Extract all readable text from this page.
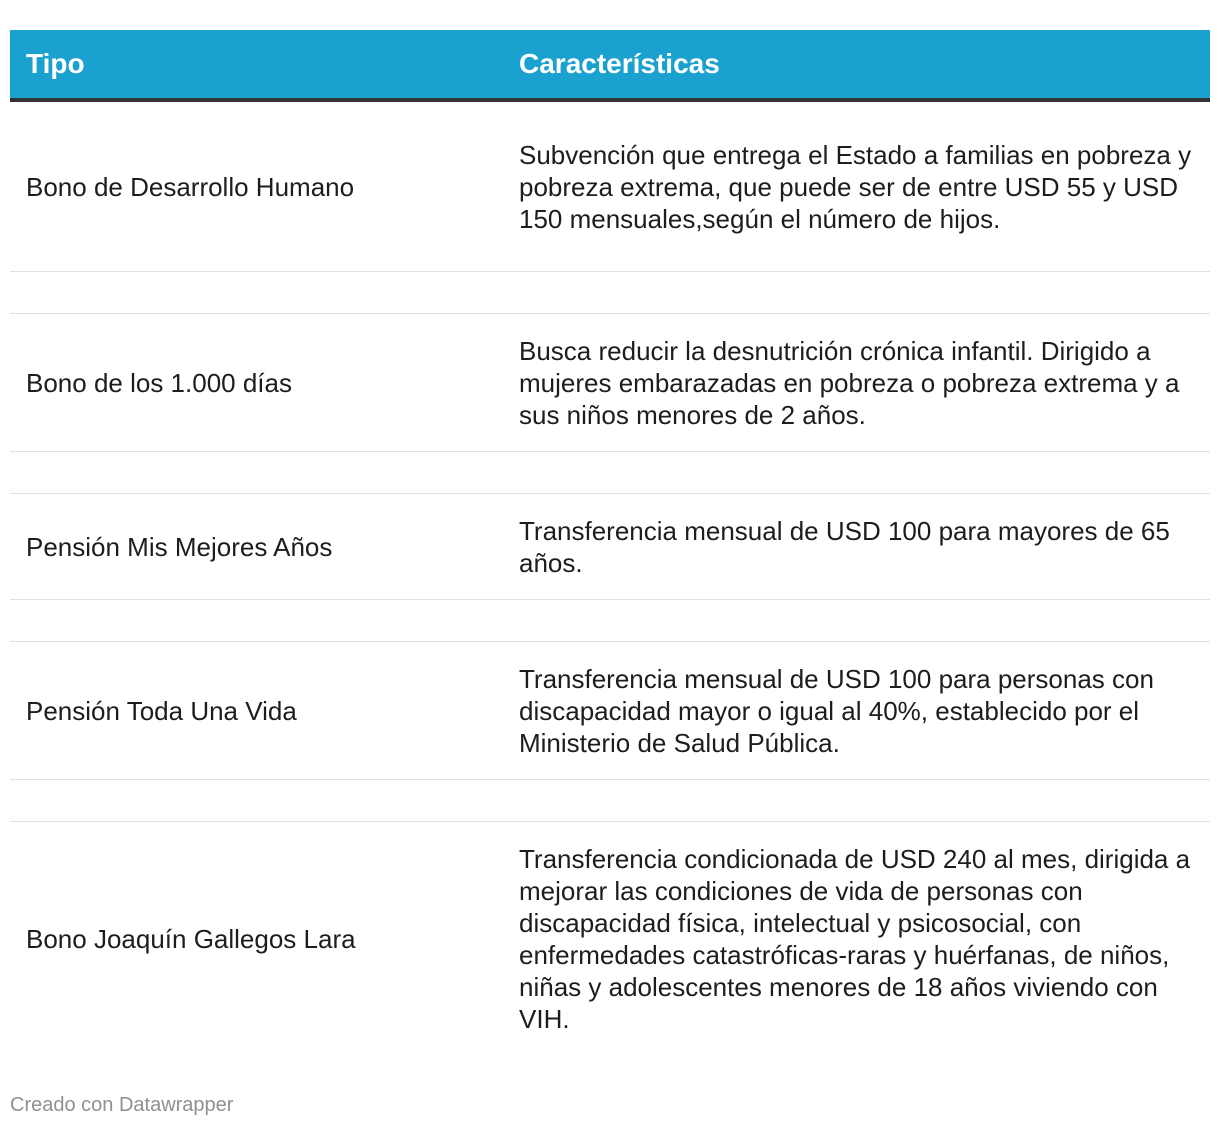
Tipo	Características
Bono de Desarrollo Humano
Subvención que entrega el Estado a familias en pobreza y pobreza extrema, que puede ser de entre USD 55 y USD 150 mensuales,según el número de hijos.
Bono de los 1.000 días
Busca reducir la desnutrición crónica infantil. Dirigido a mujeres embarazadas en pobreza o pobreza extrema y a sus niños menores de 2 años.
Pensión Mis Mejores Años
Transferencia mensual de USD 100 para mayores de 65 años.
Pensión Toda Una Vida
Transferencia mensual de USD 100 para personas con discapacidad mayor o igual al 40%, establecido por el Ministerio de Salud Pública.
Bono Joaquín Gallegos Lara
Transferencia condicionada de USD 240 al mes, dirigida a mejorar las condiciones de vida de personas con discapacidad física, intelectual y psicosocial, con enfermedades catastróficas-raras y huérfanas, de niños, niñas y adolescentes menores de 18 años viviendo con VIH.
Creado con Datawrapper
